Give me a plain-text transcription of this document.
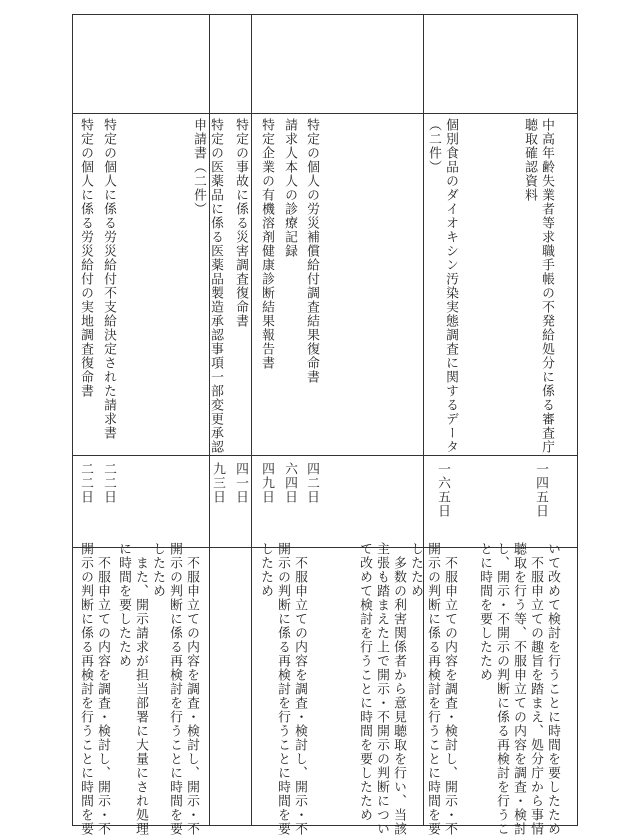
中高年齢失業者等求職手帳の不発給処分に係る審査庁
聴取確認資料
一四五日
いて改めて検討を行うことに時間を要したため
　不服申立ての趣旨を踏まえ、処分庁から事情
聴取を行う等、不服申立ての内容を調査・検討
し、開示・不開示の判断に係る再検討を行うこ
とに時間を要したため
個別食品のダイオキシン汚染実態調査に関するデータ
（二件）
一六五日
　不服申立ての内容を調査・検討し、開示・不
開示の判断に係る再検討を行うことに時間を要
したため
　多数の利害関係者から意見聴取を行い、当該
主張も踏まえた上で開示・不開示の判断につい
て改めて検討を行うことに時間を要したため
特定の個人の労災補償給付調査結果復命書
四二日
　不服申立ての内容を調査・検討し、開示・不
開示の判断に係る再検討を行うことに時間を要
したため
請求人本人の診療記録
六四日
特定企業の有機溶剤健康診断結果報告書
四九日
特定の事故に係る災害調査復命書
四一日
特定の医薬品に係る医薬品製造承認事項一部変更承認
申請書（二件）
九三日
　不服申立ての内容を調査・検討し、開示・不
開示の判断に係る再検討を行うことに時間を要
したため
　また、開示請求が担当部署に大量にされ処理
に時間を要したため
特定の個人に係る労災給付不支給決定された請求書
二二日
　不服申立ての内容を調査・検討し、開示・不
開示の判断に係る再検討を行うことに時間を要
特定の個人に係る労災給付の実地調査復命書
二二日
